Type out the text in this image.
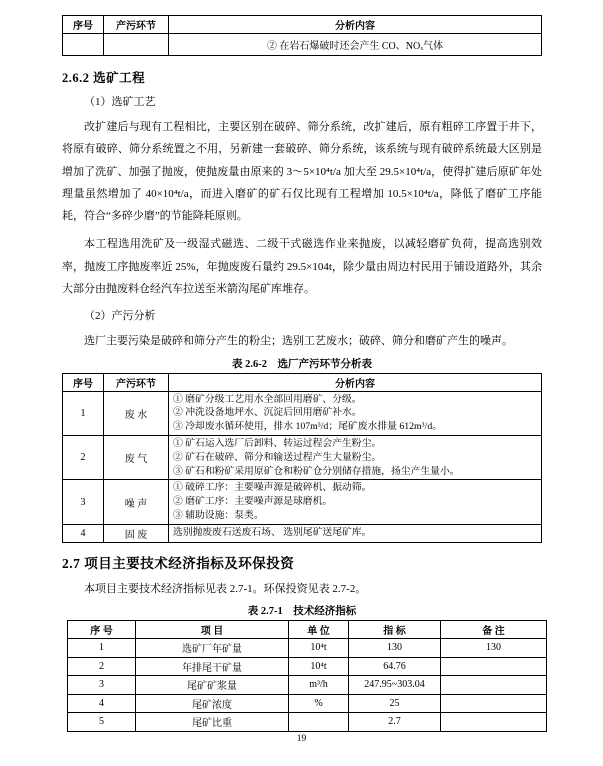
序号	产污环节	分析内容
		② 在岩石爆破时还会产生 CO、NOₓ气体
2.6.2 选矿工程

（1）选矿工艺

改扩建后与现有工程相比，主要区别在破碎、筛分系统，改扩建后，原有粗碎工序置于井下，将原有破碎、筛分系统置之不用，另新建一套破碎、筛分系统，该系统与现有破碎系统最大区别是增加了洗矿、加强了抛废，使抛废量由原来的 3～5×10⁴t/a 加大至 29.5×10⁴t/a，使得扩建后原矿年处理量虽然增加了 40×10⁴t/a，而进入磨矿的矿石仅比现有工程增加 10.5×10⁴t/a，降低了磨矿工序能耗，符合“多碎少磨”的节能降耗原则。

本工程选用洗矿及一级湿式磁选、二级干式磁选作业来抛废，以减轻磨矿负荷，提高选别效率，抛废工序抛废率近 25%，年抛废废石量约 29.5×104t，除少量由周边村民用于铺设道路外，其余大部分由抛废料仓经汽车拉送至米箭沟尾矿库堆存。

（2）产污分析

选厂主要污染是破碎和筛分产生的粉尘；选别工艺废水；破碎、筛分和磨矿产生的噪声。

表 2.6-2　选厂产污环节分析表
序号	产污环节	分析内容
1	废 水	① 磨矿分级工艺用水全部回用磨矿、分级。
② 冲洗设备地坪水、沉淀后回用磨矿补水。
③ 冷却废水循环使用，排水 107m³/d；尾矿废水排量 612m³/d。

2	废 气	① 矿石运入选厂后卸料、转运过程会产生粉尘。
② 矿石在破碎、筛分和输送过程产生大量粉尘。
③ 矿石和粉矿采用原矿仓和粉矿仓分别储存措施，扬尘产生量小。

3	噪 声	① 破碎工序：主要噪声源是破碎机、振动筛。
② 磨矿工序：主要噪声源是球磨机。
③ 辅助设施：泵类。

4	固 废	选别抛废废石送废石场、 选别尾矿送尾矿库。
2.7 项目主要技术经济指标及环保投资

本项目主要技术经济指标见表 2.7-1。环保投资见表 2.7-2。

表 2.7-1　技术经济指标
序 号	项 目	单 位	指 标	备 注
1	选矿厂年矿量	10⁴t	130	130
2	年排尾干矿量	10⁴t	64.76	
3	尾矿矿浆量	m³/h	247.95~303.04	
4	尾矿浓度	%	25	
5	尾矿比重		2.7	
19
